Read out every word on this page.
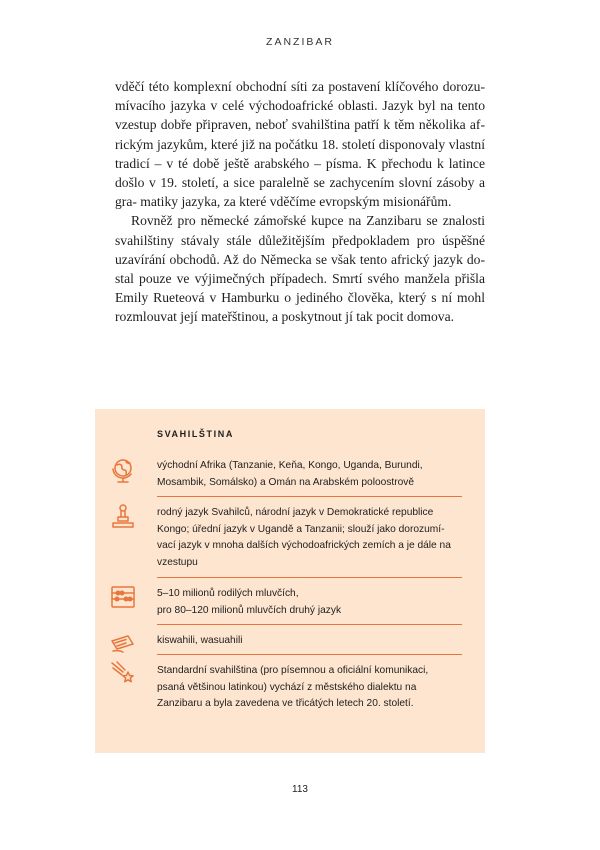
ZANZIBAR

vděčí této komplexní obchodní síti za postavení klíčového dorozu- mívacího jazyka v celé východoafrické oblasti. Jazyk byl na tento vzestup dobře připraven, neboť svahilština patří k těm několika af- rickým jazykům, které již na počátku 18. století disponovaly vlastní tradicí – v té době ještě arabského – písma. K přechodu k latince došlo v 19. století, a sice paralelně se zachycením slovní zásoby a gra- matiky jazyka, za které vděčíme evropským misionářům.

Rovněž pro německé zámořské kupce na Zanzibaru se znalosti svahilštiny stávaly stále důležitějším předpokladem pro úspěšné uzavírání obchodů. Až do Německa se však tento africký jazyk do- stal pouze ve výjimečných případech. Smrtí svého manžela přišla Emily Rueteová v Hamburku o jediného člověka, který s ní mohl rozmlouvat její mateřštinou, a poskytnout jí tak pocit domova.

SVAHILŠTINA
východní Afrika (Tanzanie, Keňa, Kongo, Uganda, Burundi,
Mosambik, Somálsko) a Omán na Arabském poloostrově
rodný jazyk Svahilců, národní jazyk v Demokratické republice
Kongo; úřední jazyk v Ugandě a Tanzanii; slouží jako dorozumí-
vací jazyk v mnoha dalších východoafrických zemích a je dále na
vzestupu
5–10 milionů rodilých mluvčích,
pro 80–120 milionů mluvčích druhý jazyk
kiswahili, wasuahili
Standardní svahilština (pro písemnou a oficiální komunikaci,
psaná většinou latinkou) vychází z městského dialektu na
Zanzibaru a byla zavedena ve třicátých letech 20. století.
113
